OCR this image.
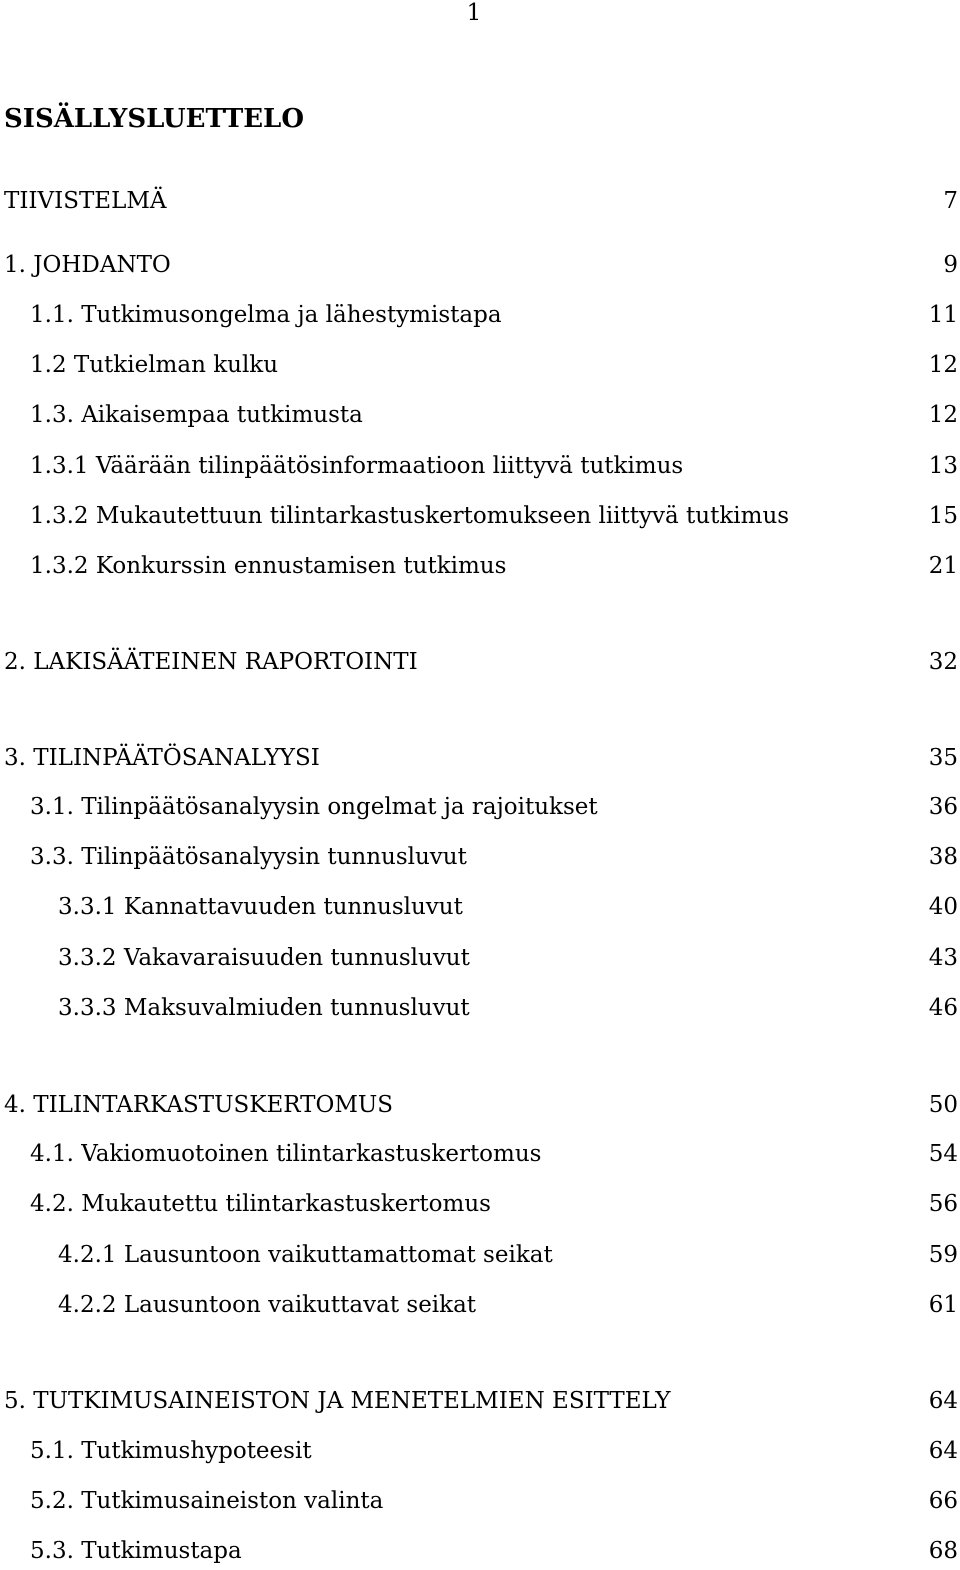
1
SISÄLLYSLUETTELO
TIIVISTELMÄ	7
1. JOHDANTO	9
1.1. Tutkimusongelma ja lähestymistapa	11
1.2 Tutkielman kulku	12
1.3. Aikaisempaa tutkimusta	12
1.3.1 Väärään tilinpäätösinformaatioon liittyvä tutkimus	13
1.3.2 Mukautettuun tilintarkastuskertomukseen liittyvä tutkimus	15
1.3.2 Konkurssin ennustamisen tutkimus	21
2. LAKISÄÄTEINEN RAPORTOINTI	32
3. TILINPÄÄTÖSANALYYSI	35
3.1. Tilinpäätösanalyysin ongelmat ja rajoitukset	36
3.3. Tilinpäätösanalyysin tunnusluvut	38
3.3.1 Kannattavuuden tunnusluvut	40
3.3.2 Vakavaraisuuden tunnusluvut	43
3.3.3 Maksuvalmiuden tunnusluvut	46
4. TILINTARKASTUSKERTOMUS	50
4.1. Vakiomuotoinen tilintarkastuskertomus	54
4.2. Mukautettu tilintarkastuskertomus	56
4.2.1 Lausuntoon vaikuttamattomat seikat	59
4.2.2 Lausuntoon vaikuttavat seikat	61
5. TUTKIMUSAINEISTON JA MENETELMIEN ESITTELY	64
5.1. Tutkimushypoteesit	64
5.2. Tutkimusaineiston valinta	66
5.3. Tutkimustapa	68
